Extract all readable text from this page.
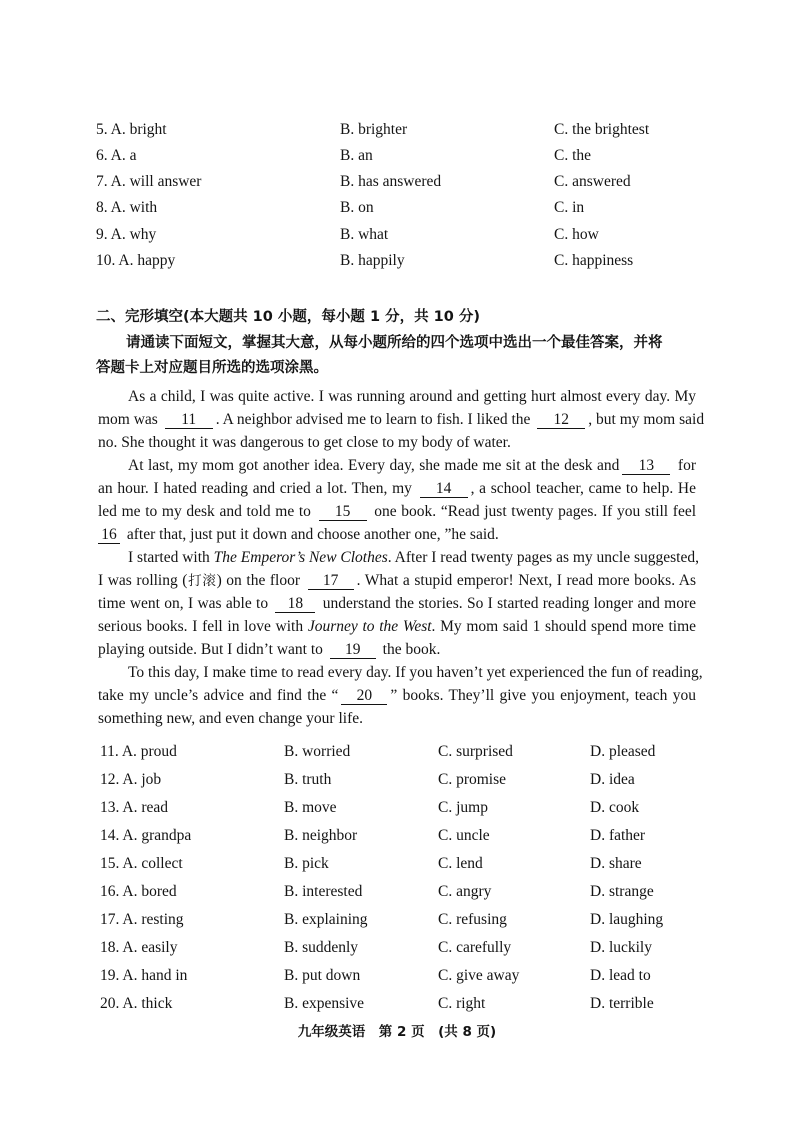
5. A. bright	B. brighter	C. the brightest
6. A. a	B. an	C. the
7. A. will answer	B. has answered	C. answered
8. A. with	B. on	C. in
9. A. why	B. what	C. how
10. A. happy	B. happily	C. happiness
二、完形填空(本大题共 10 小题，每小题 1 分，共 10 分)
请通读下面短文，掌握其大意，从每小题所给的四个选项中选出一个最佳答案，并将
答题卡上对应题目所选的选项涂黑。
As a child, I was quite active. I was running around and getting hurt almost every day. My
mom was 11 . A neighbor advised me to learn to fish. I liked the 12 , but my mom said
no. She thought it was dangerous to get close to my body of water.
At last, my mom got another idea. Every day, she made me sit at the desk and 13 for
an hour. I hated reading and cried a lot. Then, my 14 , a school teacher, came to help. He
led me to my desk and told me to 15 one book. “Read just twenty pages. If you still feel
16 after that, just put it down and choose another one, ”he said.
I started with The Emperor’s New Clothes. After I read twenty pages as my uncle suggested,
I was rolling (打滚) on the floor 17 . What a stupid emperor! Next, I read more books. As
time went on, I was able to 18 understand the stories. So I started reading longer and more
serious books. I fell in love with Journey to the West. My mom said 1 should spend more time
playing outside. But I didn’t want to 19 the book.
To this day, I make time to read every day. If you haven’t yet experienced the fun of reading,
take my uncle’s advice and find the “ 20 ” books. They’ll give you enjoyment, teach you
something new, and even change your life.
11. A. proud	B. worried	C. surprised	D. pleased
12. A. job	B. truth	C. promise	D. idea
13. A. read	B. move	C. jump	D. cook
14. A. grandpa	B. neighbor	C. uncle	D. father
15. A. collect	B. pick	C. lend	D. share
16. A. bored	B. interested	C. angry	D. strange
17. A. resting	B. explaining	C. refusing	D. laughing
18. A. easily	B. suddenly	C. carefully	D. luckily
19. A. hand in	B. put down	C. give away	D. lead to
20. A. thick	B. expensive	C. right	D. terrible
九年级英语　第 2 页　(共 8 页)
